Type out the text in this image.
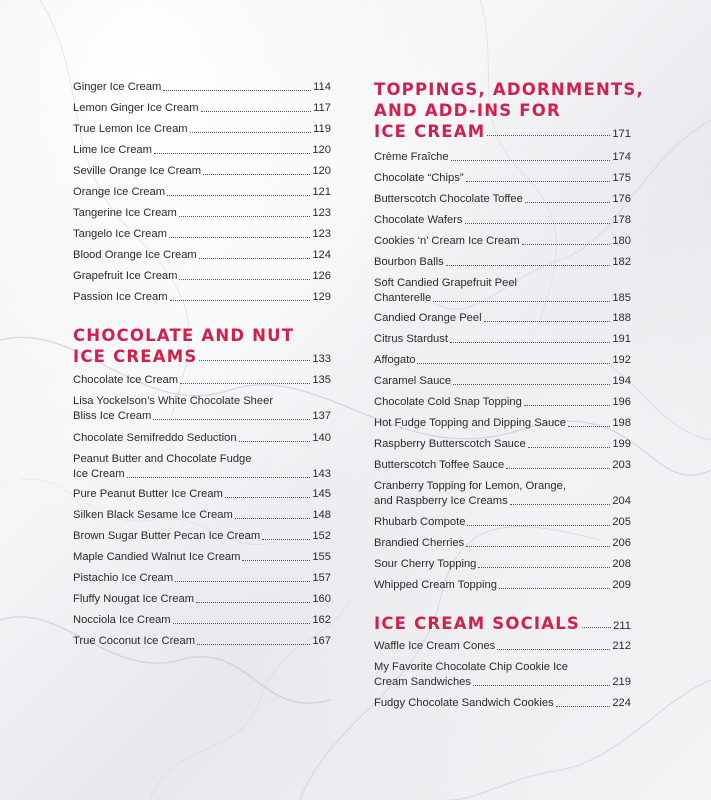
Ginger Ice Cream	114
Lemon Ginger Ice Cream	117
True Lemon Ice Cream	119
Lime Ice Cream	120
Seville Orange Ice Cream	120
Orange Ice Cream	121
Tangerine Ice Cream	123
Tangelo Ice Cream	123
Blood Orange Ice Cream	124
Grapefruit Ice Cream	126
Passion Ice Cream	129
CHOCOLATE AND NUT
ICE CREAMS	133
Chocolate Ice Cream	135
Lisa Yockelson’s White Chocolate Sheer
Bliss Ice Cream	137
Chocolate Semifreddo Seduction	140
Peanut Butter and Chocolate Fudge
Ice Cream	143
Pure Peanut Butter Ice Cream	145
Silken Black Sesame Ice Cream	148
Brown Sugar Butter Pecan Ice Cream	152
Maple Candied Walnut Ice Cream	155
Pistachio Ice Cream	157
Fluffy Nougat Ice Cream	160
Nocciola Ice Cream	162
True Coconut Ice Cream	167
TOPPINGS, ADORNMENTS,
AND ADD-INS FOR
ICE CREAM	171
Crème Fraîche	174
Chocolate “Chips”	175
Butterscotch Chocolate Toffee	176
Chocolate Wafers	178
Cookies ‘n’ Cream Ice Cream	180
Bourbon Balls	182
Soft Candied Grapefruit Peel
Chanterelle	185
Candied Orange Peel	188
Citrus Stardust	191
Affogato	192
Caramel Sauce	194
Chocolate Cold Snap Topping	196
Hot Fudge Topping and Dipping Sauce	198
Raspberry Butterscotch Sauce	199
Butterscotch Toffee Sauce	203
Cranberry Topping for Lemon, Orange,
and Raspberry Ice Creams	204
Rhubarb Compote	205
Brandied Cherries	206
Sour Cherry Topping	208
Whipped Cream Topping	209
ICE CREAM SOCIALS	211
Waffle Ice Cream Cones	212
My Favorite Chocolate Chip Cookie Ice
Cream Sandwiches	219
Fudgy Chocolate Sandwich Cookies	224
